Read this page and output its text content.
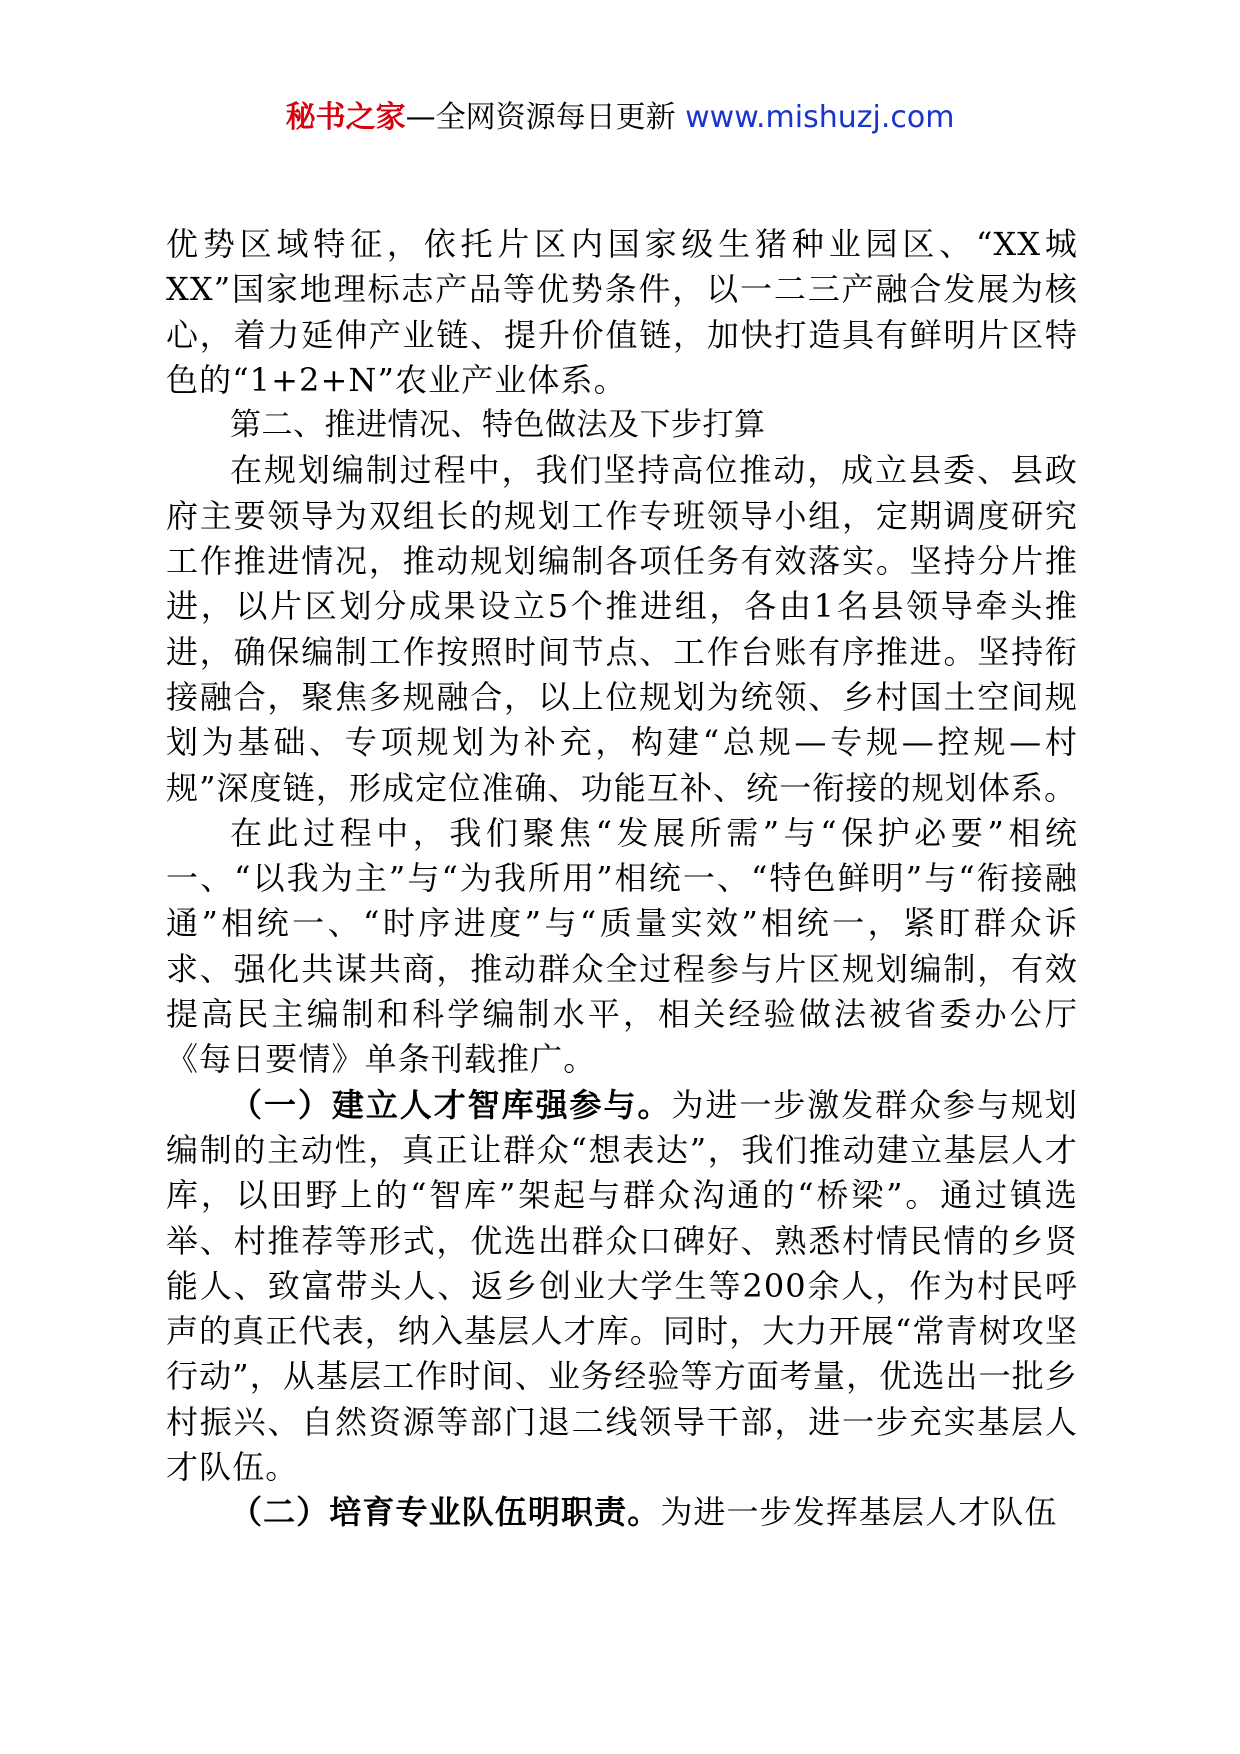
秘书之家—全网资源每日更新 www.mishuzj.com

优势区域特征，依托片区内国家级生猪种业园区、“XX城XX”国家地理标志产品等优势条件，以一二三产融合发展为核心，着力延伸产业链、提升价值链，加快打造具有鲜明片区特色的“1+2+N”农业产业体系。

第二、推进情况、特色做法及下步打算

在规划编制过程中，我们坚持高位推动，成立县委、县政府主要领导为双组长的规划工作专班领导小组，定期调度研究工作推进情况，推动规划编制各项任务有效落实。坚持分片推进，以片区划分成果设立5个推进组，各由1名县领导牵头推进，确保编制工作按照时间节点、工作台账有序推进。坚持衔接融合，聚焦多规融合，以上位规划为统领、乡村国土空间规划为基础、专项规划为补充，构建“总规—专规—控规—村规”深度链，形成定位准确、功能互补、统一衔接的规划体系。

在此过程中，我们聚焦“发展所需”与“保护必要”相统一、“以我为主”与“为我所用”相统一、“特色鲜明”与“衔接融通”相统一、“时序进度”与“质量实效”相统一，紧盯群众诉求、强化共谋共商，推动群众全过程参与片区规划编制，有效提高民主编制和科学编制水平，相关经验做法被省委办公厅《每日要情》单条刊载推广。

（一）建立人才智库强参与。为进一步激发群众参与规划编制的主动性，真正让群众“想表达”，我们推动建立基层人才库，以田野上的“智库”架起与群众沟通的“桥梁”。通过镇选举、村推荐等形式，优选出群众口碑好、熟悉村情民情的乡贤能人、致富带头人、返乡创业大学生等200余人，作为村民呼声的真正代表，纳入基层人才库。同时，大力开展“常青树攻坚行动”，从基层工作时间、业务经验等方面考量，优选出一批乡村振兴、自然资源等部门退二线领导干部，进一步充实基层人才队伍。

（二）培育专业队伍明职责。为进一步发挥基层人才队伍
